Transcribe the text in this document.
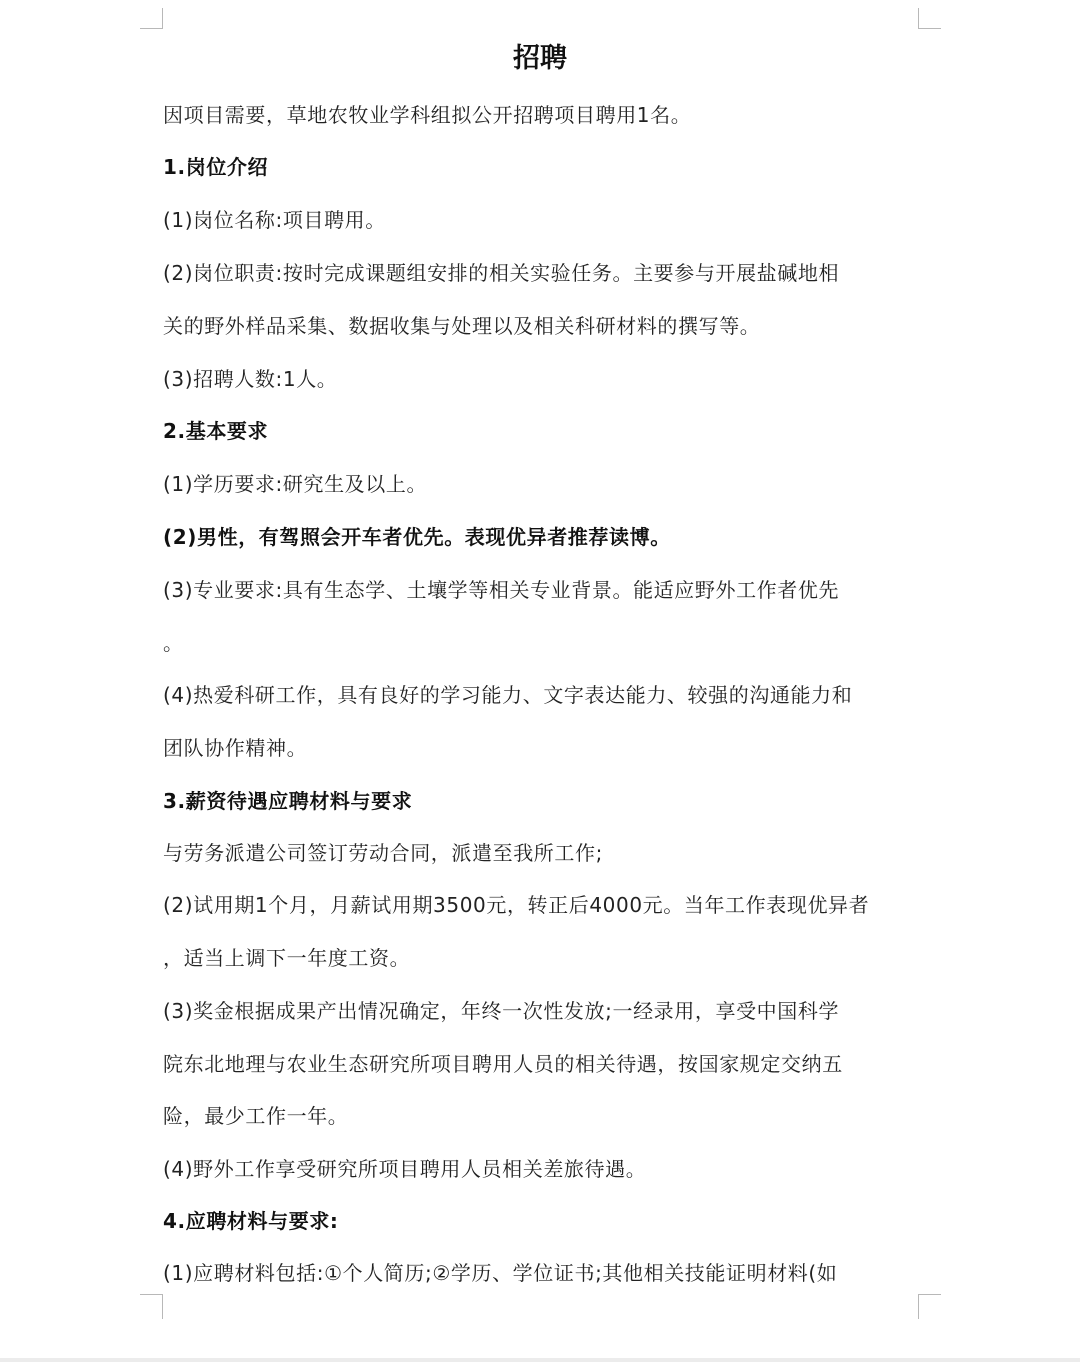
招聘
因项目需要，草地农牧业学科组拟公开招聘项目聘用1名。
1.岗位介绍
(1)岗位名称:项目聘用。
(2)岗位职责:按时完成课题组安排的相关实验任务。主要参与开展盐碱地相
关的野外样品采集、数据收集与处理以及相关科研材料的撰写等。
(3)招聘人数:1人。
2.基本要求
(1)学历要求:研究生及以上。
(2)男性，有驾照会开车者优先。表现优异者推荐读博。
(3)专业要求:具有生态学、土壤学等相关专业背景。能适应野外工作者优先
。
(4)热爱科研工作，具有良好的学习能力、文字表达能力、较强的沟通能力和
团队协作精神。
3.薪资待遇应聘材料与要求
与劳务派遣公司签订劳动合同，派遣至我所工作;
(2)试用期1个月，月薪试用期3500元，转正后4000元。当年工作表现优异者
，适当上调下一年度工资。
(3)奖金根据成果产出情况确定，年终一次性发放;一经录用，享受中国科学
院东北地理与农业生态研究所项目聘用人员的相关待遇，按国家规定交纳五
险，最少工作一年。
(4)野外工作享受研究所项目聘用人员相关差旅待遇。
4.应聘材料与要求:
(1)应聘材料包括:①个人简历;②学历、学位证书;其他相关技能证明材料(如
